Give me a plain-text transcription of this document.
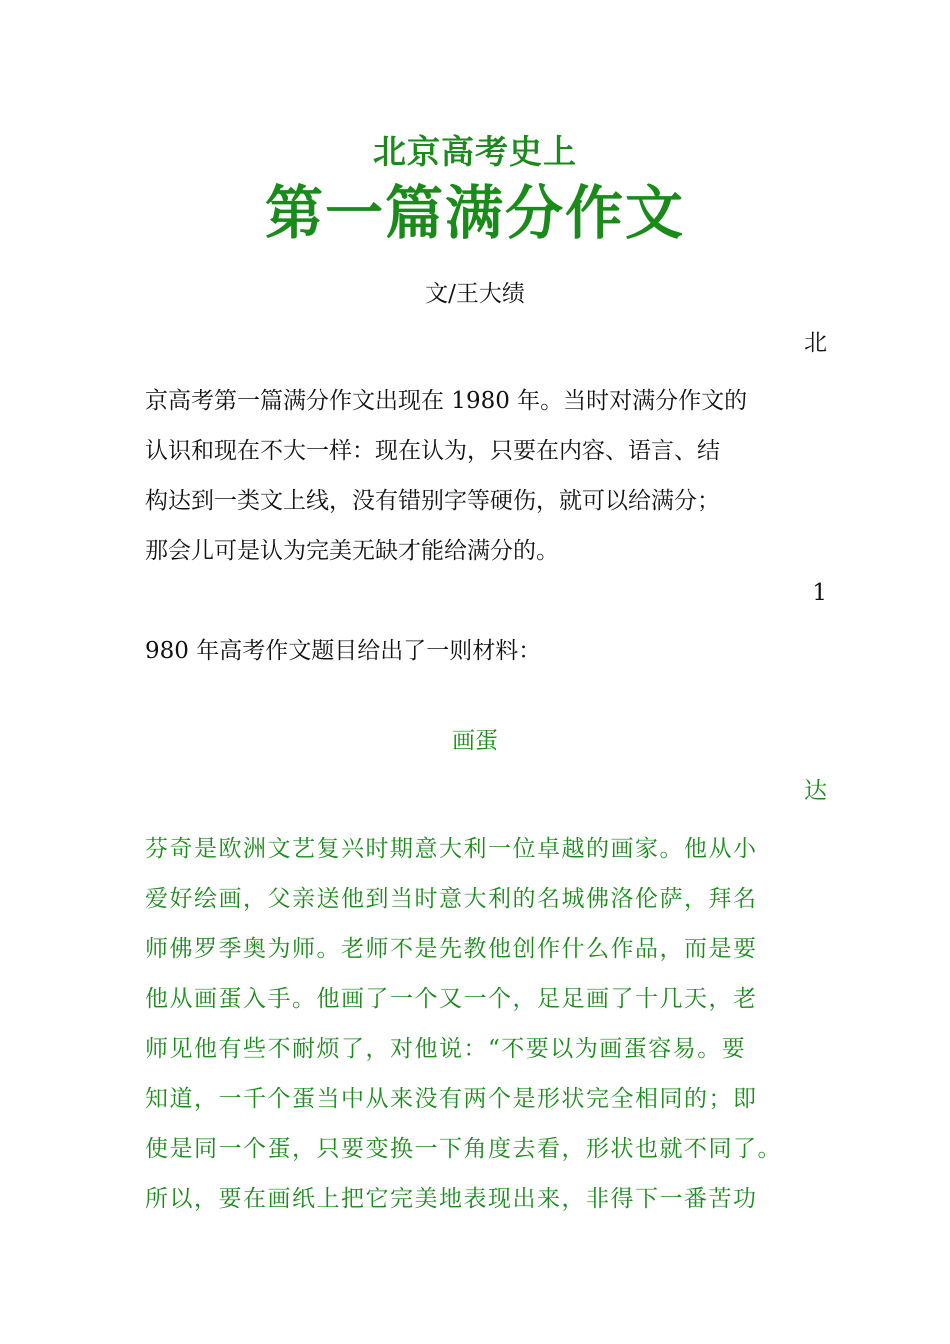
北京高考史上
第一篇满分作文
文/王大绩
北
京高考第一篇满分作文出现在 1980 年。当时对满分作文的
认识和现在不大一样：现在认为，只要在内容、语言、结
构达到一类文上线，没有错别字等硬伤，就可以给满分；
那会儿可是认为完美无缺才能给满分的。
1
980 年高考作文题目给出了一则材料：
画蛋
达
芬奇是欧洲文艺复兴时期意大利一位卓越的画家。他从小
爱好绘画，父亲送他到当时意大利的名城佛洛伦萨，拜名
师佛罗季奥为师。老师不是先教他创作什么作品，而是要
他从画蛋入手。他画了一个又一个，足足画了十几天，老
师见他有些不耐烦了，对他说：“不要以为画蛋容易。要
知道，一千个蛋当中从来没有两个是形状完全相同的；即
使是同一个蛋，只要变换一下角度去看，形状也就不同了。
所以，要在画纸上把它完美地表现出来，非得下一番苦功
